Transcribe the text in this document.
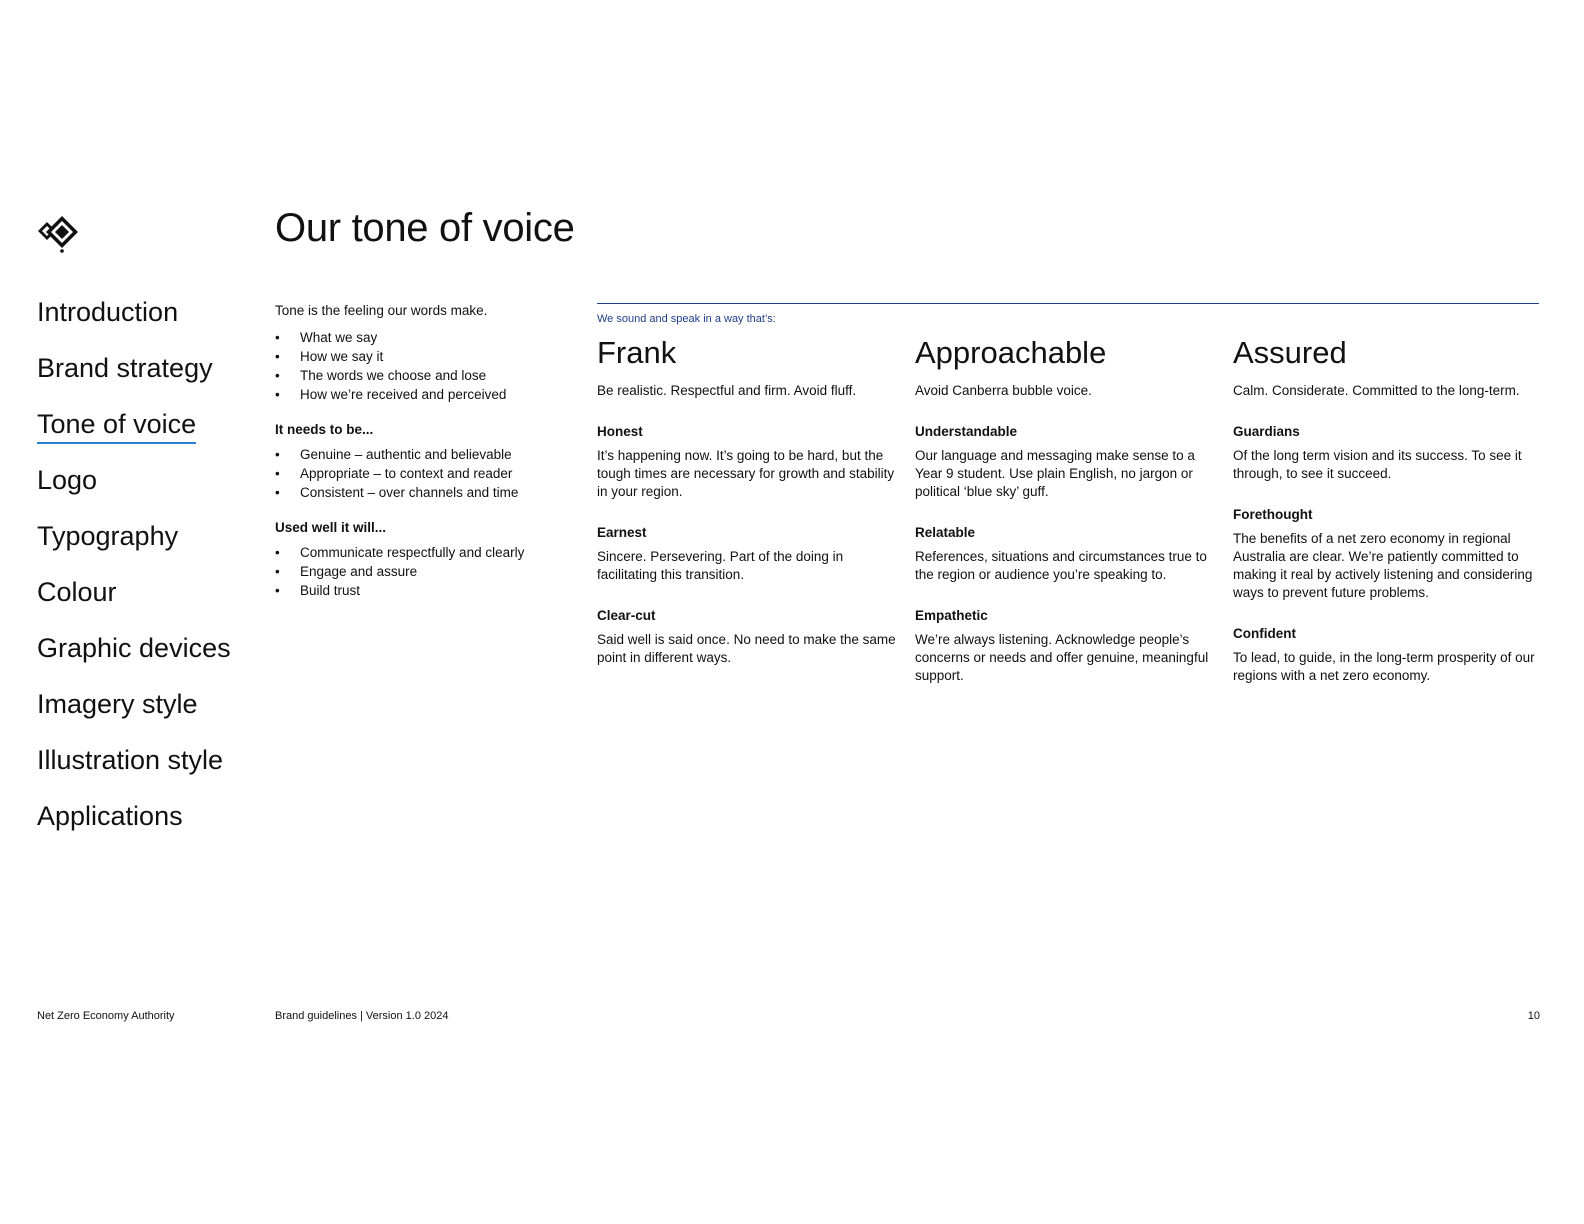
Our tone of voice
Introduction
Brand strategy
Tone of voice
Logo
Typography
Colour
Graphic devices
Imagery style
Illustration style
Applications

Tone is the feeling our words make.

• What we say
• How we say it
• The words we choose and lose
• How we’re received and perceived

It needs to be...

• Genuine – authentic and believable
• Appropriate – to context and reader
• Consistent – over channels and time

Used well it will...

• Communicate respectfully and clearly
• Engage and assure
• Build trust
We sound and speak in a way that’s:
Frank

Be realistic. Respectful and firm. Avoid fluff.

Honest

It’s happening now. It’s going to be hard, but the tough times are necessary for growth and stability in your region.

Earnest

Sincere. Persevering. Part of the doing in facilitating this transition.

Clear-cut

Said well is said once. No need to make the same point in different ways.

Approachable

Avoid Canberra bubble voice.

Understandable

Our language and messaging make sense to a Year 9 student. Use plain English, no jargon or political ‘blue sky’ guff.

Relatable

References, situations and circumstances true to the region or audience you’re speaking to.

Empathetic

We’re always listening. Acknowledge people’s concerns or needs and offer genuine, meaningful support.

Assured

Calm. Considerate. Committed to the long-term.

Guardians

Of the long term vision and its success. To see it through, to see it succeed.

Forethought

The benefits of a net zero economy in regional Australia are clear. We’re patiently committed to making it real by actively listening and considering ways to prevent future problems.

Confident

To lead, to guide, in the long-term prosperity of our regions with a net zero economy.

Net Zero Economy Authority	Brand guidelines | Version 1.0 2024	10
